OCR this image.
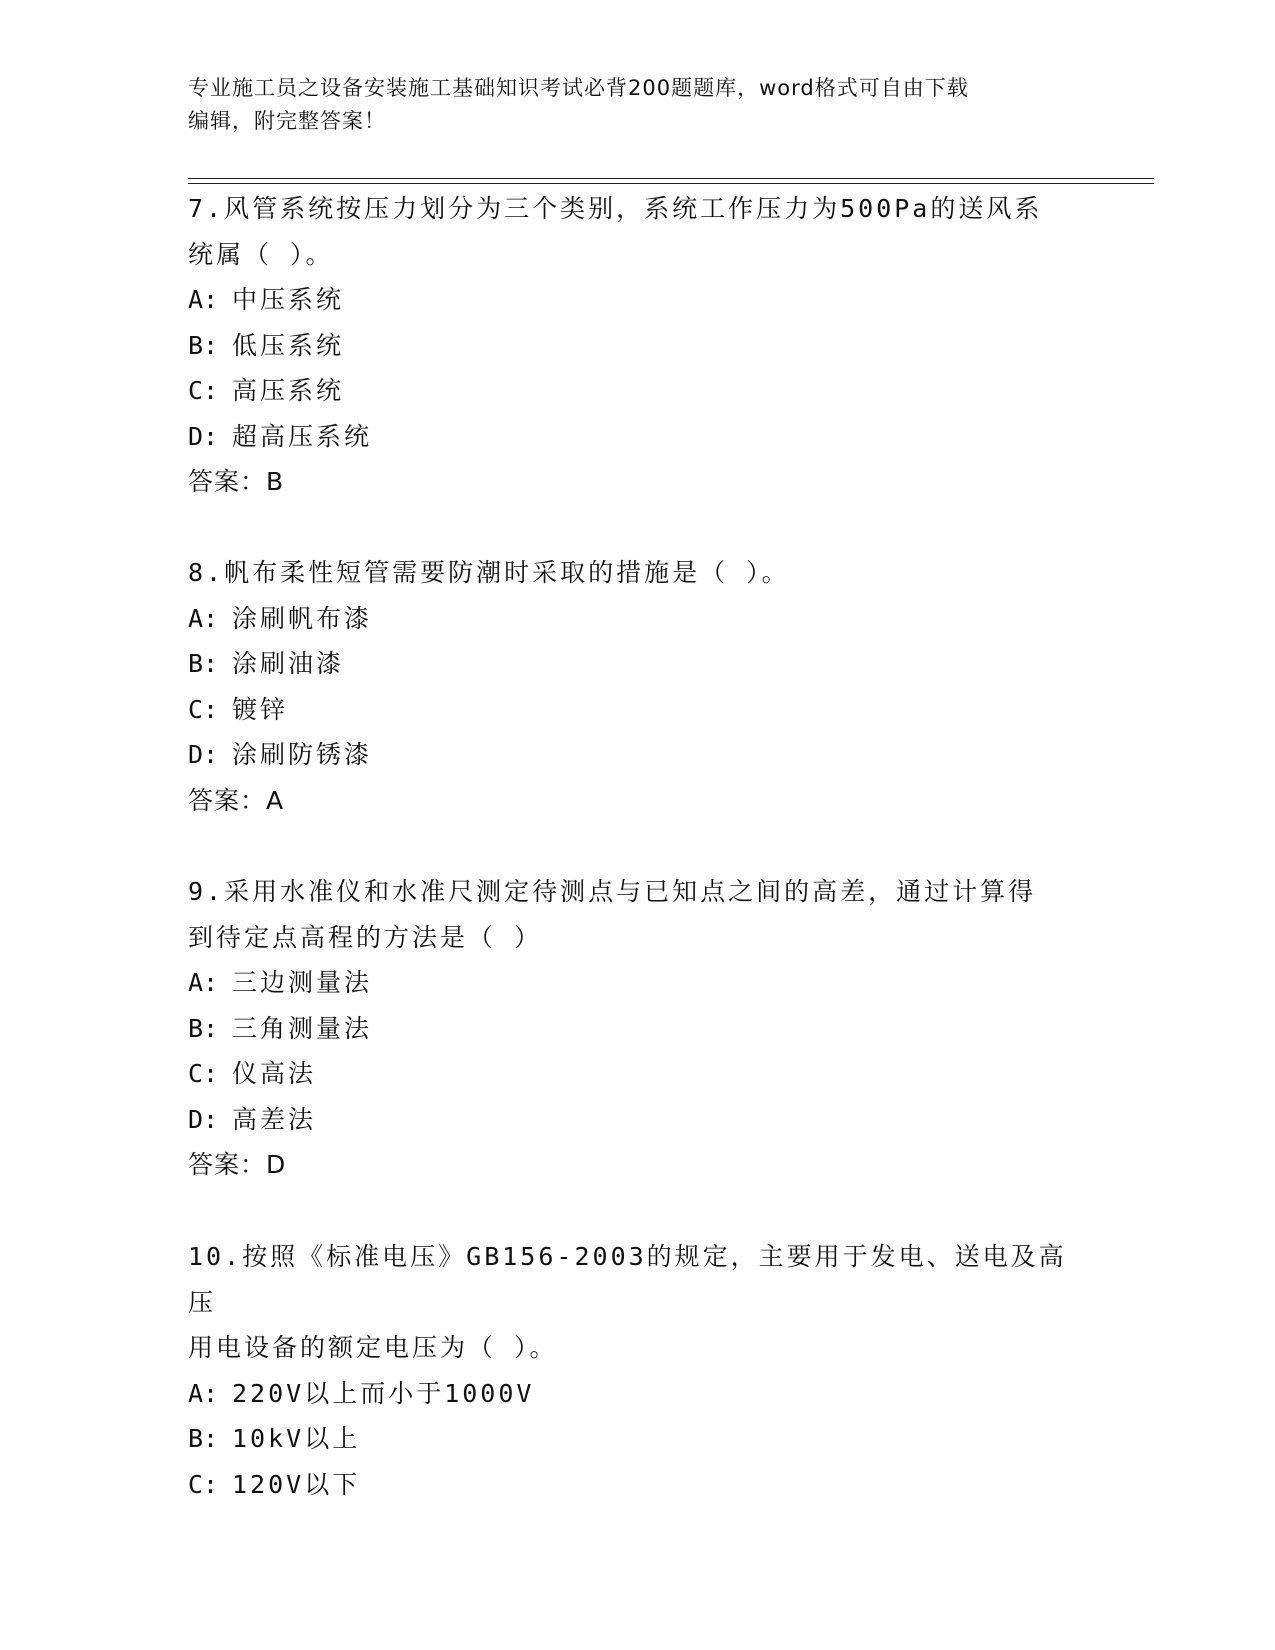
专业施工员之设备安装施工基础知识考试必背200题题库，word格式可自由下载
编辑，附完整答案！

7.风管系统按压力划分为三个类别，系统工作压力为500Pa的送风系

统属（ ）。

A: 中压系统

B: 低压系统

C: 高压系统

D: 超高压系统

答案：B

8.帆布柔性短管需要防潮时采取的措施是（ ）。

A: 涂刷帆布漆

B: 涂刷油漆

C: 镀锌

D: 涂刷防锈漆

答案：A

9.采用水准仪和水准尺测定待测点与已知点之间的高差，通过计算得

到待定点高程的方法是（ ）

A: 三边测量法

B: 三角测量法

C: 仪高法

D: 高差法

答案：D

10.按照《标准电压》GB156-2003的规定，主要用于发电、送电及高压

用电设备的额定电压为（ ）。

A: 220V以上而小于1000V

B: 10kV以上

C: 120V以下
